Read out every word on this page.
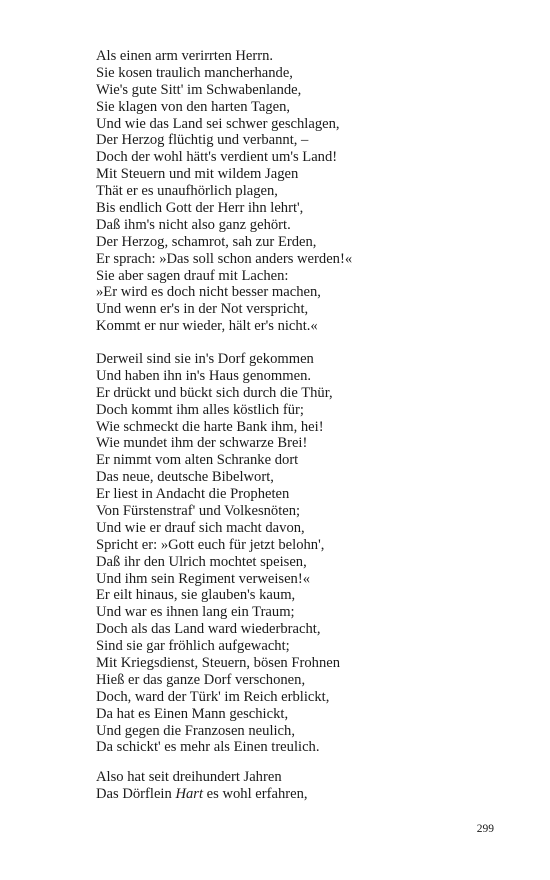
Als einen arm verirrten Herrn.
Sie kosen traulich mancherhande,
Wie's gute Sitt' im Schwabenlande,
Sie klagen von den harten Tagen,
Und wie das Land sei schwer geschlagen,
Der Herzog flüchtig und verbannt, –
Doch der wohl hätt's verdient um's Land!
Mit Steuern und mit wildem Jagen
Thät er es unaufhörlich plagen,
Bis endlich Gott der Herr ihn lehrt',
Daß ihm's nicht also ganz gehört.
Der Herzog, schamrot, sah zur Erden,
Er sprach: »Das soll schon anders werden!«
Sie aber sagen drauf mit Lachen:
»Er wird es doch nicht besser machen,
Und wenn er's in der Not verspricht,
Kommt er nur wieder, hält er's nicht.«
Derweil sind sie in's Dorf gekommen
Und haben ihn in's Haus genommen.
Er drückt und bückt sich durch die Thür,
Doch kommt ihm alles köstlich für;
Wie schmeckt die harte Bank ihm, hei!
Wie mundet ihm der schwarze Brei!
Er nimmt vom alten Schranke dort
Das neue, deutsche Bibelwort,
Er liest in Andacht die Propheten
Von Fürstenstraf' und Volkesnöten;
Und wie er drauf sich macht davon,
Spricht er: »Gott euch für jetzt belohn',
Daß ihr den Ulrich mochtet speisen,
Und ihm sein Regiment verweisen!«
Er eilt hinaus, sie glauben's kaum,
Und war es ihnen lang ein Traum;
Doch als das Land ward wiederbracht,
Sind sie gar fröhlich aufgewacht;
Mit Kriegsdienst, Steuern, bösen Frohnen
Hieß er das ganze Dorf verschonen,
Doch, ward der Türk' im Reich erblickt,
Da hat es Einen Mann geschickt,
Und gegen die Franzosen neulich,
Da schickt' es mehr als Einen treulich.
Also hat seit dreihundert Jahren
Das Dörflein Hart es wohl erfahren,
299
